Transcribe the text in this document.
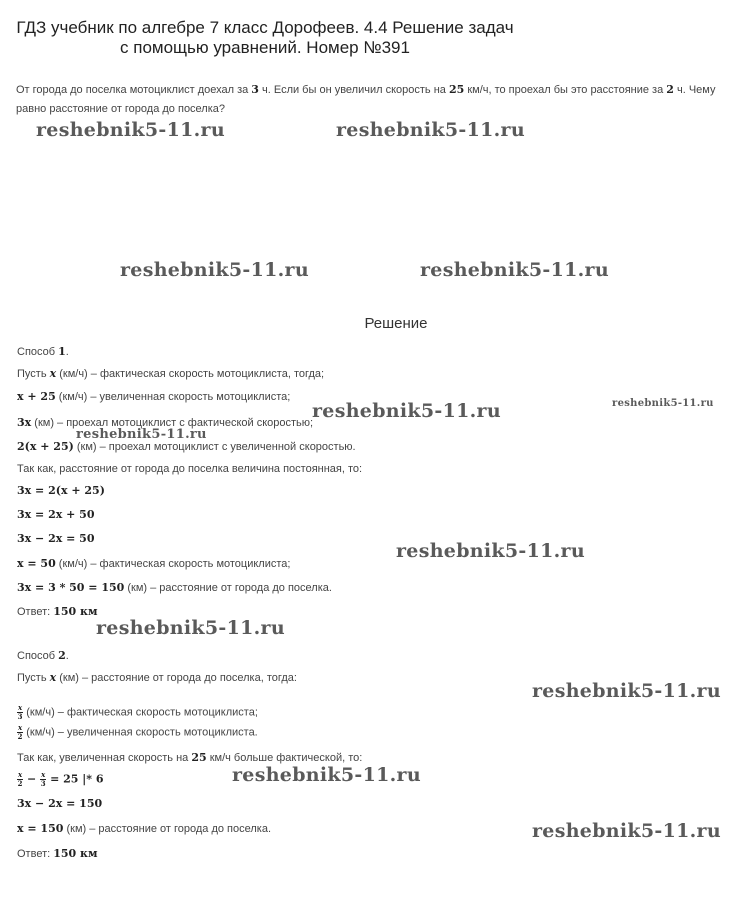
ГДЗ учебник по алгебре 7 класс Дорофеев. 4.4 Решение задач
с помощью уравнений. Номер №391
От города до поселка мотоциклист доехал за 3 ч. Если бы он увеличил скорость на 25 км/ч, то проехал бы это расстояние за 2 ч. Чему равно расстояние от города до поселка?
Решение
Способ 1.
Пусть x (км/ч) – фактическая скорость мотоциклиста, тогда;
x + 25 (км/ч) – увеличенная скорость мотоциклиста;
3x (км) – проехал мотоциклист с фактической скоростью;
2(x + 25) (км) – проехал мотоциклист с увеличенной скоростью.
Так как, расстояние от города до поселка величина постоянная, то:
3x = 2(x + 25)
3x = 2x + 50
3x − 2x = 50
x = 50 (км/ч) – фактическая скорость мотоциклиста;
3x = 3 * 50 = 150 (км) – расстояние от города до поселка.
Ответ: 150 км
Способ 2.
Пусть x (км) – расстояние от города до поселка, тогда:
$\frac{x}{3} (км/ч)$ – фактическая скорость мотоциклиста;
$\frac{x}{2} (км/ч)$ – увеличенная скорость мотоциклиста.
Так как, увеличенная скорость на 25 км/ч больше фактической, то:
$\frac{x}{2} - \frac{x}{3} = 25$ |* 6
3x − 2x = 150
x = 150 (км) – расстояние от города до поселка.
Ответ: 150 км
reshebnik5-11.ru	reshebnik5-11.ru
reshebnik5-11.ru	reshebnik5-11.ru
reshebnik5-11.ru	reshebnik5-11.ru
reshebnik5-11.ru
reshebnik5-11.ru
reshebnik5-11.ru
reshebnik5-11.ru
reshebnik5-11.ru
reshebnik5-11.ru
